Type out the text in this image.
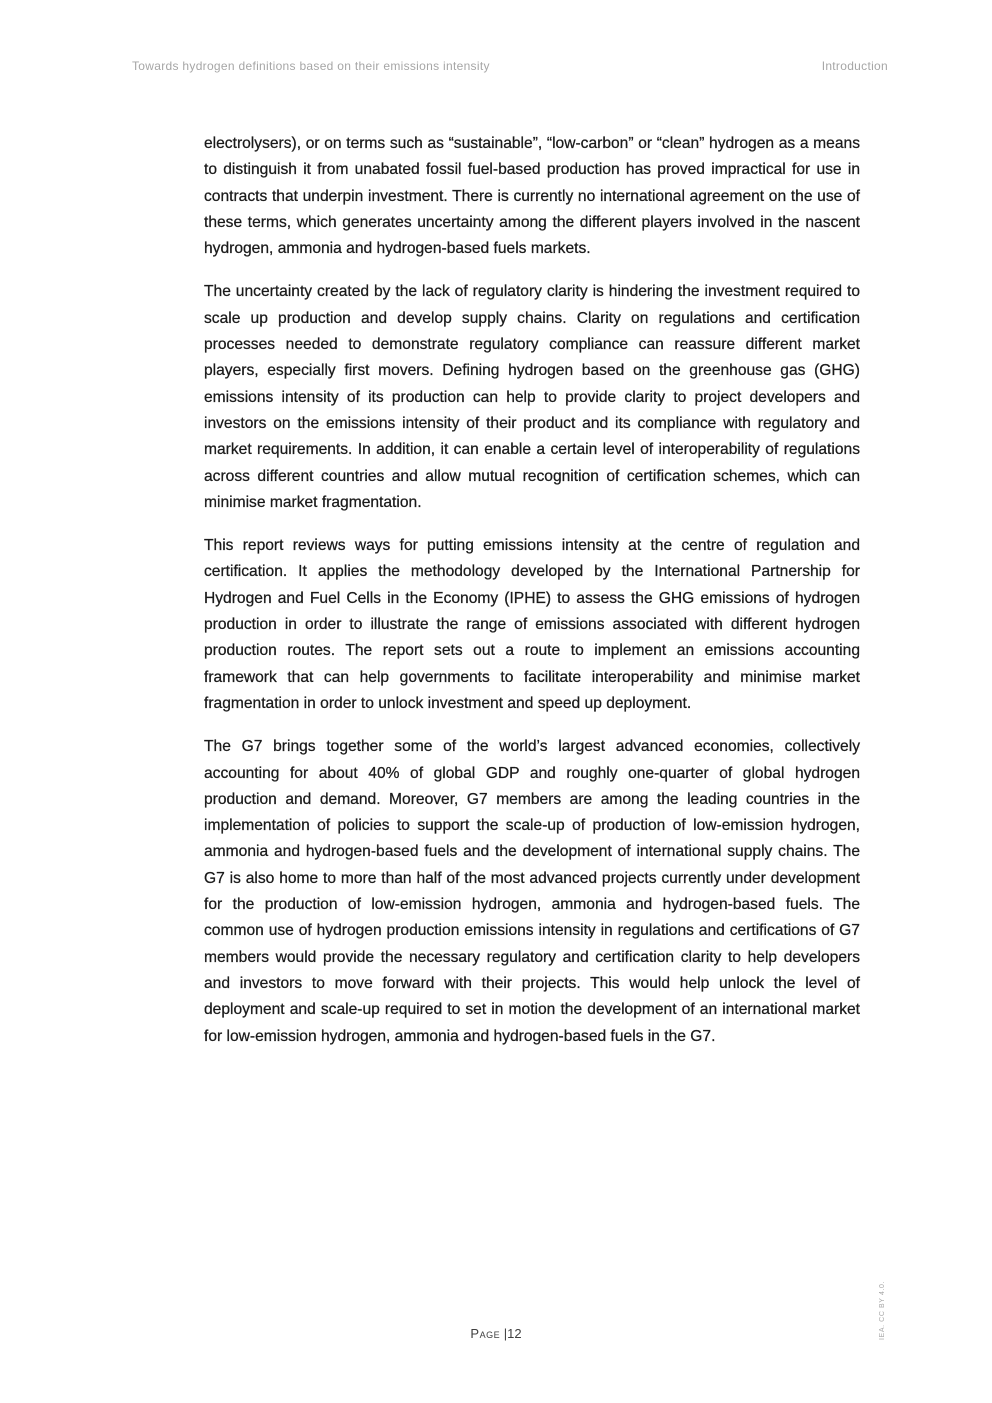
Towards hydrogen definitions based on their emissions intensity	Introduction

electrolysers), or on terms such as “sustainable”, “low-carbon” or “clean” hydrogen as a means to distinguish it from unabated fossil fuel-based production has proved impractical for use in contracts that underpin investment. There is currently no international agreement on the use of these terms, which generates uncertainty among the different players involved in the nascent hydrogen, ammonia and hydrogen-based fuels markets.

The uncertainty created by the lack of regulatory clarity is hindering the investment required to scale up production and develop supply chains. Clarity on regulations and certification processes needed to demonstrate regulatory compliance can reassure different market players, especially first movers. Defining hydrogen based on the greenhouse gas (GHG) emissions intensity of its production can help to provide clarity to project developers and investors on the emissions intensity of their product and its compliance with regulatory and market requirements. In addition, it can enable a certain level of interoperability of regulations across different countries and allow mutual recognition of certification schemes, which can minimise market fragmentation.

This report reviews ways for putting emissions intensity at the centre of regulation and certification. It applies the methodology developed by the International Partnership for Hydrogen and Fuel Cells in the Economy (IPHE) to assess the GHG emissions of hydrogen production in order to illustrate the range of emissions associated with different hydrogen production routes. The report sets out a route to implement an emissions accounting framework that can help governments to facilitate interoperability and minimise market fragmentation in order to unlock investment and speed up deployment.

The G7 brings together some of the world’s largest advanced economies, collectively accounting for about 40% of global GDP and roughly one-quarter of global hydrogen production and demand. Moreover, G7 members are among the leading countries in the implementation of policies to support the scale-up of production of low-emission hydrogen, ammonia and hydrogen-based fuels and the development of international supply chains. The G7 is also home to more than half of the most advanced projects currently under development for the production of low-emission hydrogen, ammonia and hydrogen-based fuels. The common use of hydrogen production emissions intensity in regulations and certifications of G7 members would provide the necessary regulatory and certification clarity to help developers and investors to move forward with their projects. This would help unlock the level of deployment and scale-up required to set in motion the development of an international market for low-emission hydrogen, ammonia and hydrogen-based fuels in the G7.

Page |12	IEA. CC BY 4.0.
